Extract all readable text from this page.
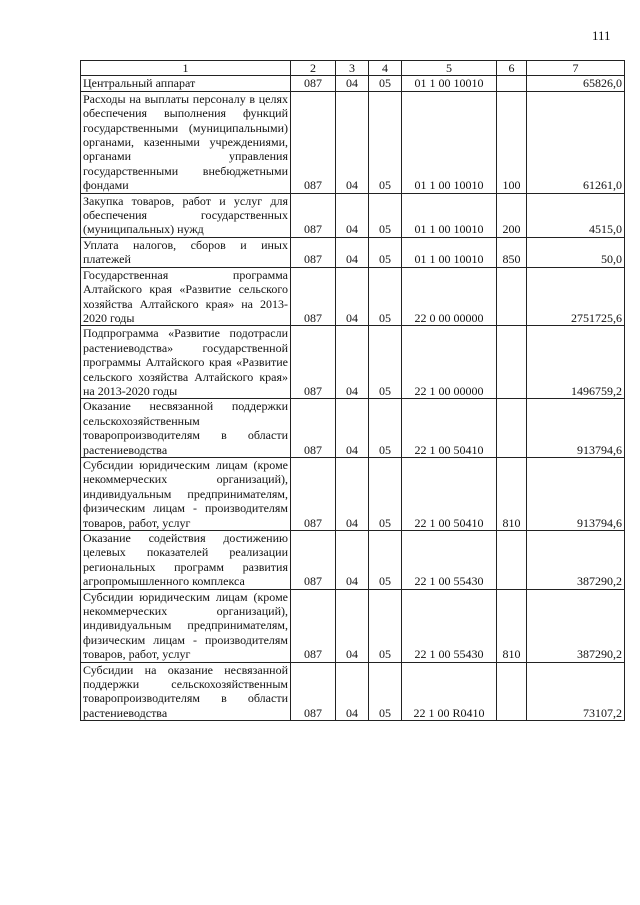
111
1	2	3	4	5	6	7
Центральный аппарат	087	04	05	01 1 00 10010		65826,0
Расходы на выплаты персоналу в целях обеспечения выполнения функций государственными (муниципальными) органами, казенными учреждениями, органами управления государственными внебюджетными фондами	087	04	05	01 1 00 10010	100	61261,0
Закупка товаров, работ и услуг для обеспечения государственных (муниципальных) нужд	087	04	05	01 1 00 10010	200	4515,0
Уплата налогов, сборов и иных платежей	087	04	05	01 1 00 10010	850	50,0
Государственная программа Алтайского края «Развитие сельского хозяйства Алтайского края» на 2013-2020 годы	087	04	05	22 0 00 00000		2751725,6
Подпрограмма «Развитие подотрасли растениеводства» государственной программы Алтайского края «Развитие сельского хозяйства Алтайского края» на 2013-2020 годы	087	04	05	22 1 00 00000		1496759,2
Оказание несвязанной поддержки сельскохозяйственным товаропроизводителям в области растениеводства	087	04	05	22 1 00 50410		913794,6
Субсидии юридическим лицам (кроме некоммерческих организаций), индивидуальным предпринимателям, физическим лицам - производителям товаров, работ, услуг	087	04	05	22 1 00 50410	810	913794,6
Оказание содействия достижению целевых показателей реализации региональных программ развития агропромышленного комплекса	087	04	05	22 1 00 55430		387290,2
Субсидии юридическим лицам (кроме некоммерческих организаций), индивидуальным предпринимателям, физическим лицам - производителям товаров, работ, услуг	087	04	05	22 1 00 55430	810	387290,2
Субсидии на оказание несвязанной поддержки сельскохозяйственным товаропроизводителям в области растениеводства	087	04	05	22 1 00 R0410		73107,2
